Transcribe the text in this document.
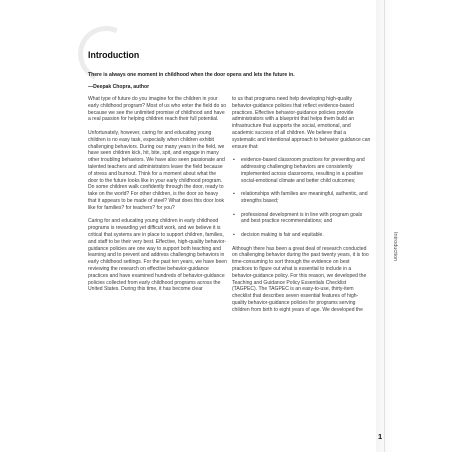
Introduction

There is always one moment in childhood when the door opens and lets the future in.

—Deepak Chopra, author

What type of future do you imagine for the children in your early childhood program? Most of us who enter the field do so because we see the unlimited promise of childhood and have a real passion for helping children reach their full potential.

Unfortunately, however, caring for and educating young children is no easy task, especially when children exhibit challenging behaviors. During our many years in the field, we have seen children kick, hit, bite, spit, and engage in many other troubling behaviors. We have also seen passionate and talented teachers and administrators leave the field because of stress and burnout. Think for a moment about what the door to the future looks like in your early childhood program. Do some children walk confidently through the door, ready to take on the world? For other children, is the door so heavy that it appears to be made of steel? What does this door look like for families? for teachers? for you?

Caring for and educating young children in early childhood programs is rewarding yet difficult work, and we believe it is critical that systems are in place to support children, families, and staff to be their very best. Effective, high-quality behavior-guidance policies are one way to support both teaching and learning and to prevent and address challenging behaviors in early childhood settings. For the past ten years, we have been reviewing the research on effective behavior-guidance practices and have examined hundreds of behavior-guidance policies collected from early childhood programs across the United States. During this time, it has become clear

to us that programs need help developing high-quality behavior-guidance policies that reflect evidence-based practices. Effective behavior-guidance policies provide administrators with a blueprint that helps them build an infrastructure that supports the social, emotional, and academic success of all children. We believe that a systematic and intentional approach to behavior guidance can ensure that:

▪ evidence-based classroom practices for preventing and addressing challenging behaviors are consistently implemented across classrooms, resulting in a positive social-emotional climate and better child outcomes;
▪ relationships with families are meaningful, authentic, and strengths based;
▪ professional development is in line with program goals and best practice recommendations; and
▪ decision making is fair and equitable.

Although there has been a great deal of research conducted on challenging behavior during the past twenty years, it is too time-consuming to sort through the evidence on best practices to figure out what is essential to include in a behavior-guidance policy. For this reason, we developed the Teaching and Guidance Policy Essentials Checklist (TAGPEC). The TAGPEC is an easy-to-use, thirty-item checklist that describes seven essential features of high-quality behavior-guidance policies for programs serving children from birth to eight years of age. We developed the

Introduction
1
